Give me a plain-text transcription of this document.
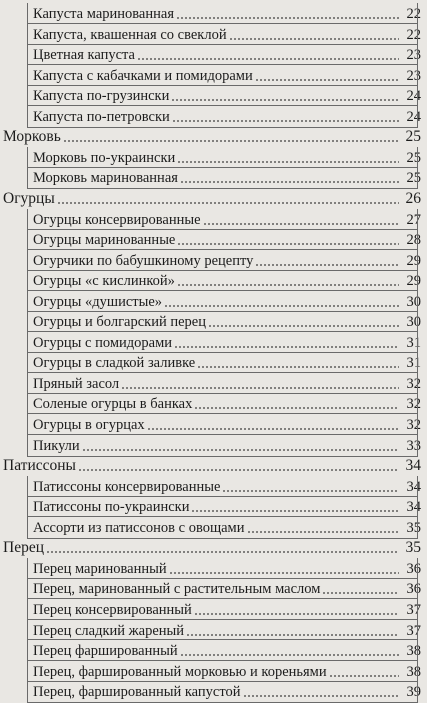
Капуста маринованная	22
Капуста, квашенная со свеклой	22
Цветная капуста	23
Капуста с кабачками и помидорами	23
Капуста по-грузински	24
Капуста по-петровски	24
Морковь	25
Морковь по-украински	25
Морковь маринованная	25
Огурцы	26
Огурцы консервированные	27
Огурцы маринованные	28
Огурчики по бабушкиному рецепту	29
Огурцы «с кислинкой»	29
Огурцы «душистые»	30
Огурцы и болгарский перец	30
Огурцы с помидорами	31
Огурцы в сладкой заливке	31
Пряный засол	32
Соленые огурцы в банках	32
Огурцы в огурцах	32
Пикули	33
Патиссоны	34
Патиссоны консервированные	34
Патиссоны по-украински	34
Ассорти из патиссонов с овощами	35
Перец	35
Перец маринованный	36
Перец, маринованный с растительным маслом	36
Перец консервированный	37
Перец сладкий жареный	37
Перец фаршированный	38
Перец, фаршированный морковью и кореньями	38
Перец, фаршированный капустой	39
